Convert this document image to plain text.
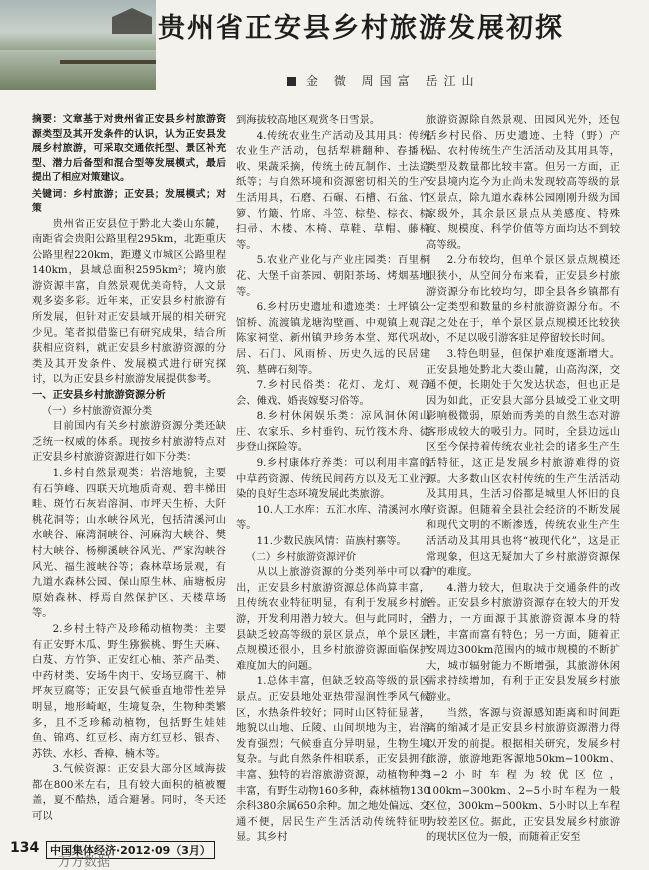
贵州省正安县乡村旅游发展初探
金 微 周国富 岳江山

摘要：文章基于对贵州省正安县乡村旅游资源类型及其开发条件的认识，认为正安县发展乡村旅游，可采取交通依托型、景区补充型、潜力后备型和混合型等发展模式，最后提出了相应对策建议。

关键词：乡村旅游；正安县；发展模式；对策

贵州省正安县位于黔北大娄山东麓，南距省会贵阳公路里程295km，北距重庆公路里程220km，距遵义市城区公路里程140km，县域总面积2595km²；境内旅游资源丰富，自然景观优美奇特，人文景观多姿多彩。近年来，正安县乡村旅游有所发展，但针对正安县域开展的相关研究少见。笔者拟借鉴已有研究成果，结合所获相应资料，就正安县乡村旅游资源的分类及其开发条件、发展模式进行研究探讨，以为正安县乡村旅游发展提供参考。

一、正安县乡村旅游资源分析

（一）乡村旅游资源分类

目前国内有关乡村旅游资源分类还缺乏统一权威的体系。现按乡村旅游特点对正安县乡村旅游资源进行如下分类：

1.乡村自然景观类：岩溶地貌，主要有石笋峰、四联天坑地质奇观、碧丰梯田畦、斑竹石灰岩溶洞、市坪天生桥、大阡桃花洞等；山水峡谷风光，包括清溪河山水峡谷、麻湾洞峡谷、河麻沟大峡谷、樊村大峡谷、杨柳溪峡谷风光、严家沟峡谷风光、福生渡峡谷等；森林草场景观，有九道水森林公园、保山原生林、庙塘板房原始森林、桴焉自然保护区、天楼草场等。

2.乡村土特产及珍稀动植物类：主要有正安野木瓜、野生猕猴桃、野生天麻、白芨、方竹笋、正安红心柚、茶产品类、中药材类、安场牛肉干、安场豆腐干、柿坪灰豆腐等；正安县气候垂直地带性差异明显，地形崎岖，生境复杂，生物种类繁多，且不乏珍稀动植物，包括野生娃娃鱼、锦鸡、红豆杉、南方红豆杉、银杏、苏铁、水杉、香樟、楠木等。

3.气候资源：正安县大部分区域海拔都在800米左右，且有较大面积的植被覆盖，夏不酷热，适合避暑。同时，冬天还可以

到海拔较高地区观赏冬日雪景。

4.传统农业生产活动及其用具：传统农业生产活动，包括犁耕翻种、春播秋收、果蔬采摘，传统土砖瓦制作、土法造纸等；与自然环境和资源密切相关的生产生活用具，石磨、石碾、石槽、石盆、竹箩、竹簸、竹席、斗笠、棕垫、棕衣、棕扫帚、木楼、木椅、草鞋、草帽、藤椅等。

5.农业产业化与产业庄园类：百里桐花、大堡千亩茶园、朝阳茶场、烤烟基地等。

6.乡村历史遗址和遗迹类：土坪镇公馆桥、流渡镇龙塘沟壁画、中观镇上观音陈家祠堂、新州镇尹珍务本堂、郑代巩故居、石门、风雨桥、历史久远的民居建筑、墓碑石刻等。

7.乡村民俗类：花灯、龙灯、观音会、傩戏、婚丧嫁娶习俗等。

8.乡村休闲娱乐类：凉风洞休闲山庄、农家乐、乡村垂钓、玩竹筏木舟、徒步登山探险等。

9.乡村康体疗养类：可以利用丰富的中草药资源、传统民间药方以及无工业污染的良好生态环境发展此类旅游。

10.人工水库：五汇水库、清溪河水库等。

11.少数民族风情：苗族村寨等。

（二）乡村旅游资源评价

从以上旅游资源的分类列举中可以看出，正安县乡村旅游资源总体尚算丰富，且传统农业特征明显，有利于发展乡村旅游，开发利用潜力较大。但与此同时，全县缺乏较高等级的景区景点，单个景区景点规模还很小，且乡村旅游资源面临保护难度加大的问题。

1.总体丰富，但缺乏较高等级的景区景点。正安县地处亚热带湿润性季风气候区，水热条件较好；同时山区特征显著，地貌以山地、丘陵、山间坝地为主，岩溶发育强烈；气候垂直分异明显，生物生境复杂。与此自然条件相联系，正安县拥有丰富、独特的岩溶旅游资源，动植物种类丰富，有野生动物160多种，森林植物130余科380余属650余种。加之地处偏远、交通不便，居民生产生活活动传统特征明显。其乡村

旅游资源除自然景观、田园风光外，还包括乡村民俗、历史遗迹、土特（野）产品、农村传统生产生活活动及其用具等，类型及数量都比较丰富。但另一方面，正安县境内迄今为止尚未发现较高等级的景区景点，除九道水森林公园刚刚升级为国家级外，其余景区景点从美感度、特殊度、规模度、科学价值等方面均达不到较高等级。

2.分布较均，但单个景区景点规模还很狭小，从空间分布来看，正安县乡村旅游资源分布比较均匀，即全县各乡镇都有一定类型和数量的乡村旅游资源分布。不足之处在于，单个景区景点规模还比较狭小，不足以吸引游客驻足停留较长时间。

3.特色明显，但保护难度逐渐增大。正安县地处黔北大娄山麓，山高沟深，交通不便，长期处于欠发达状态，但也正是因为如此，正安县大部分县域受工业文明影响极微弱，原始而秀美的自然生态对游客形成较大的吸引力。同时，全县边远山区至今保持着传统农业社会的诸多生产生活特征，这正是发展乡村旅游难得的资源。大多数山区农村传统的生产生活活动及其用具，生活习俗都是城里人怀旧的良好资源。但随着全县社会经济的不断发展和现代文明的不断渗透，传统农业生产生活活动及其用具也将“被现代化”，这是正常现象，但这无疑加大了乡村旅游资源保护的难度。

4.潜力较大，但取决于交通条件的改善。正安县乡村旅游资源存在较大的开发潜力，一方面源于其旅游资源本身的特性，丰富而富有特色；另一方面，随着正安周边300km范围内的城市规模的不断扩大，城市辐射能力不断增强，其旅游休闲需求持续增加，有利于正安县发展乡村旅游业。

当然，客源与资源感知距离和时间距离的缩减才是正安县乡村旅游资源潜力得以开发的前提。根据相关研究，发展乡村旅游，旅游地距客源地50km−100km、1−2小时车程为较优区位，100km−300km、2−5小时车程为一般区位，300km−500km、5小时以上车程为较差区位。据此，正安县发展乡村旅游的现状区位为一般，而随着正安至

134 中国集体经济·2012·09（3月）
万方数据
